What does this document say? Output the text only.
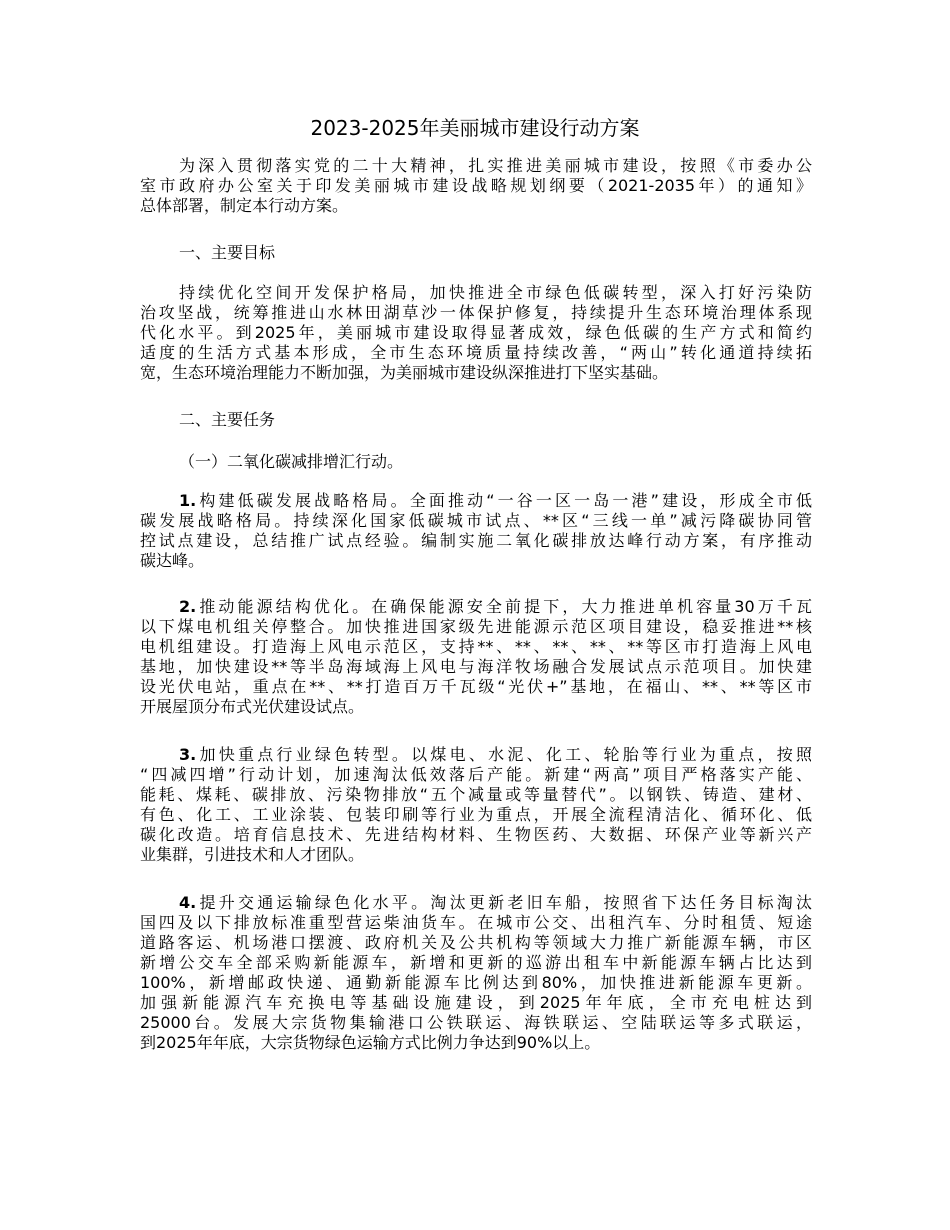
2023-2025年美丽城市建设行动方案
为深入贯彻落实党的二十大精神，扎实推进美丽城市建设，按照《市委办公
室市政府办公室关于印发美丽城市建设战略规划纲要（2021-2035年）的通知》
总体部署，制定本行动方案。
一、主要目标
持续优化空间开发保护格局，加快推进全市绿色低碳转型，深入打好污染防
治攻坚战，统筹推进山水林田湖草沙一体保护修复，持续提升生态环境治理体系现
代化水平。到2025年，美丽城市建设取得显著成效，绿色低碳的生产方式和简约
适度的生活方式基本形成，全市生态环境质量持续改善，“两山”转化通道持续拓
宽，生态环境治理能力不断加强，为美丽城市建设纵深推进打下坚实基础。
二、主要任务
（一）二氧化碳减排增汇行动。
1.构建低碳发展战略格局。全面推动“一谷一区一岛一港”建设，形成全市低
碳发展战略格局。持续深化国家低碳城市试点、**区“三线一单”减污降碳协同管
控试点建设，总结推广试点经验。编制实施二氧化碳排放达峰行动方案，有序推动
碳达峰。
2.推动能源结构优化。在确保能源安全前提下，大力推进单机容量30万千瓦
以下煤电机组关停整合。加快推进国家级先进能源示范区项目建设，稳妥推进**核
电机组建设。打造海上风电示范区，支持**、**、**、**、**等区市打造海上风电
基地，加快建设**等半岛海域海上风电与海洋牧场融合发展试点示范项目。加快建
设光伏电站，重点在**、**打造百万千瓦级“光伏+”基地，在福山、**、**等区市
开展屋顶分布式光伏建设试点。
3.加快重点行业绿色转型。以煤电、水泥、化工、轮胎等行业为重点，按照
“四减四增”行动计划，加速淘汰低效落后产能。新建“两高”项目严格落实产能、
能耗、煤耗、碳排放、污染物排放“五个减量或等量替代”。以钢铁、铸造、建材、
有色、化工、工业涂装、包装印刷等行业为重点，开展全流程清洁化、循环化、低
碳化改造。培育信息技术、先进结构材料、生物医药、大数据、环保产业等新兴产
业集群，引进技术和人才团队。
4.提升交通运输绿色化水平。淘汰更新老旧车船，按照省下达任务目标淘汰
国四及以下排放标准重型营运柴油货车。在城市公交、出租汽车、分时租赁、短途
道路客运、机场港口摆渡、政府机关及公共机构等领域大力推广新能源车辆，市区
新增公交车全部采购新能源车，新增和更新的巡游出租车中新能源车辆占比达到
100%，新增邮政快递、通勤新能源车比例达到80%，加快推进新能源车更新。
加强新能源汽车充换电等基础设施建设，到2025年年底，全市充电桩达到
25000台。发展大宗货物集输港口公铁联运、海铁联运、空陆联运等多式联运，
到2025年年底，大宗货物绿色运输方式比例力争达到90%以上。
